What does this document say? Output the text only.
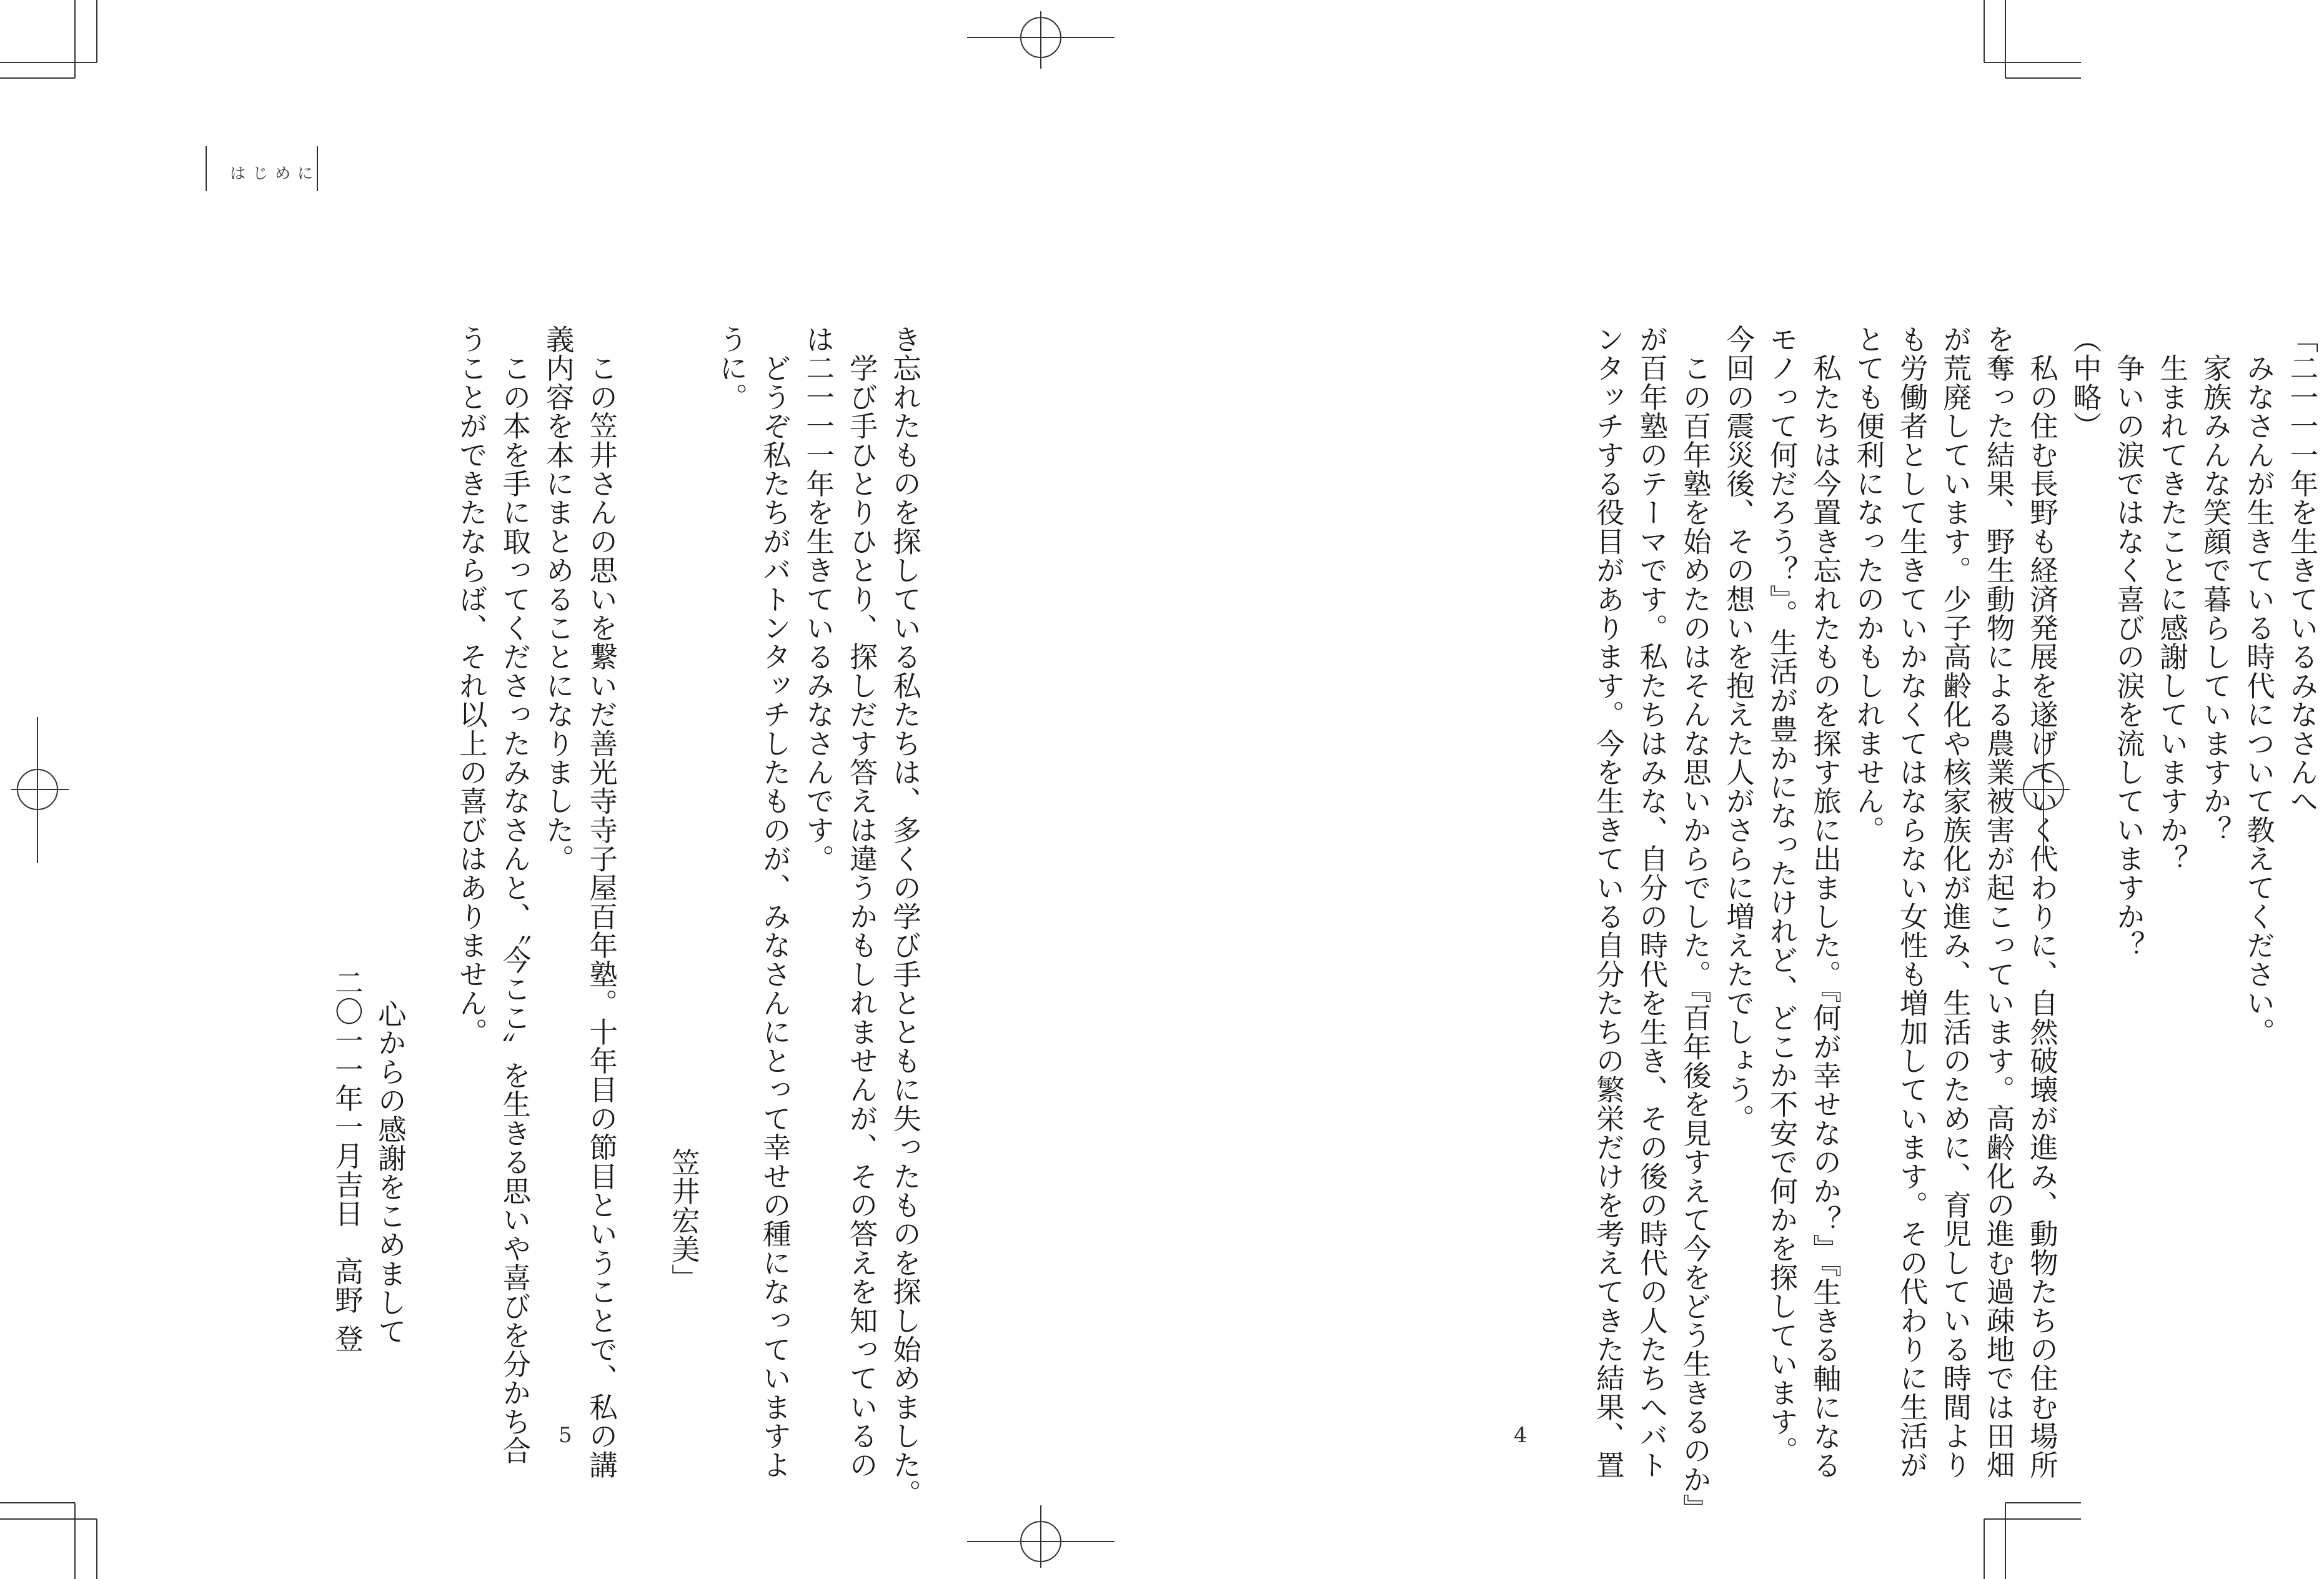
はじめに
「二一一一年を生きているみなさんへ
　みなさんが生きている時代について教えてください。
　家族みんな笑顔で暮らしていますか？
　生まれてきたことに感謝していますか？
　争いの涙ではなく喜びの涙を流していますか？
（中略）
　私の住む長野も経済発展を遂げていく代わりに、自然破壊が進み、動物たちの住む場所
を奪った結果、野生動物による農業被害が起こっています。高齢化の進む過疎地では田畑
が荒廃しています。少子高齢化や核家族化が進み、生活のために、育児している時間より
も労働者として生きていかなくてはならない女性も増加しています。その代わりに生活が
とても便利になったのかもしれません。
　私たちは今置き忘れたものを探す旅に出ました。『何が幸せなのか？』『生きる軸になる
モノって何だろう？』。生活が豊かになったけれど、どこか不安で何かを探しています。
今回の震災後、その想いを抱えた人がさらに増えたでしょう。
　この百年塾を始めたのはそんな思いからでした。『百年後を見すえて今をどう生きるのか』
が百年塾のテーマです。私たちはみな、自分の時代を生き、その後の時代の人たちへバト
ンタッチする役目があります。今を生きている自分たちの繁栄だけを考えてきた結果、置
き忘れたものを探している私たちは、多くの学び手とともに失ったものを探し始めました。
　学び手ひとりひとり、探しだす答えは違うかもしれませんが、その答えを知っているの
は二一一一年を生きているみなさんです。
　どうぞ私たちがバトンタッチしたものが、みなさんにとって幸せの種になっていますよ
うに。

　この笠井さんの思いを繋いだ善光寺寺子屋百年塾。十年目の節目ということで、私の講
義内容を本にまとめることになりました。
　この本を手に取ってくださったみなさんと、〝今ここ〟を生きる思いや喜びを分かち合
うことができたならば、それ以上の喜びはありません。
笠井宏美」
心からの感謝をこめまして
二〇一一年一月吉日　高野 登
5	4
